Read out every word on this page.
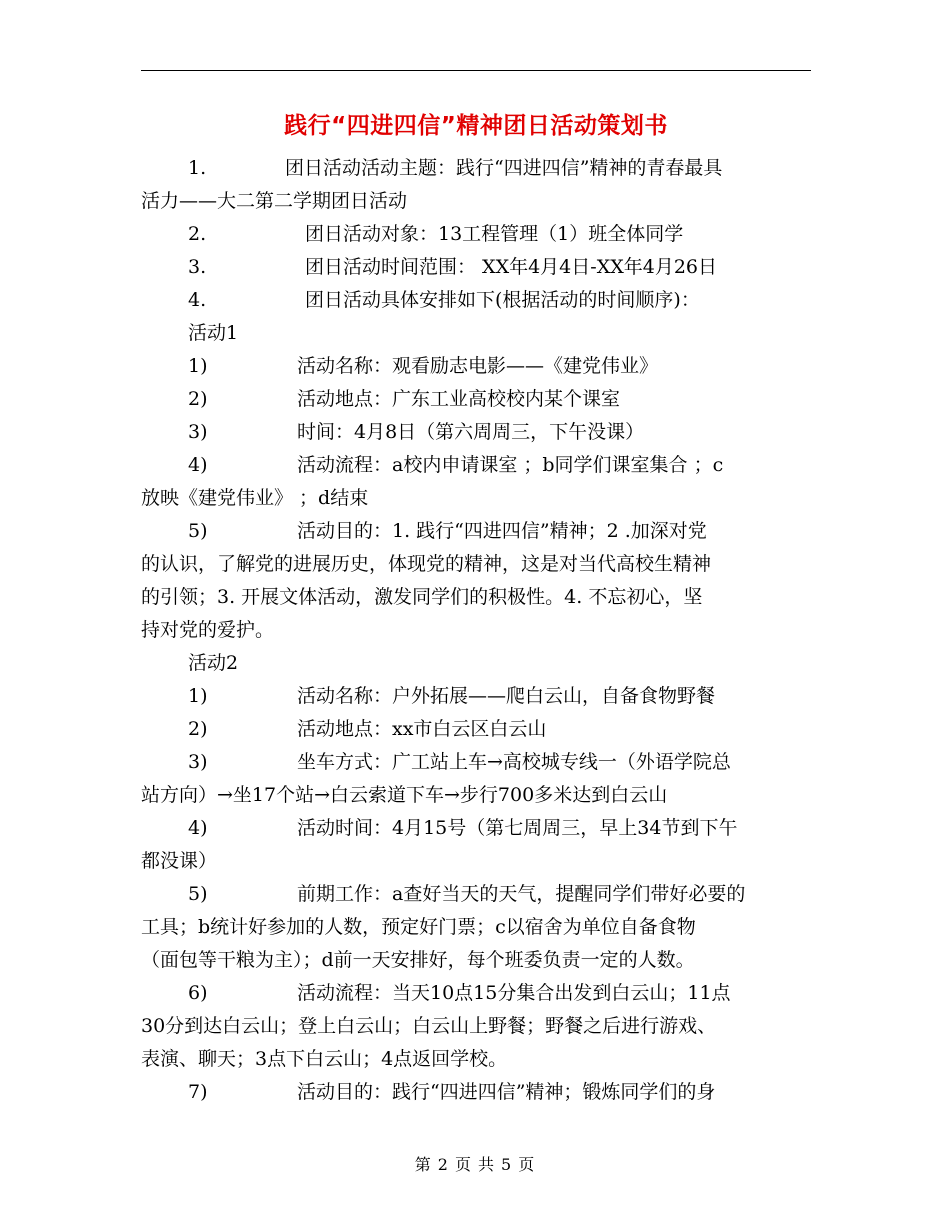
践行“四进四信”精神团日活动策划书
1.	团日活动活动主题：践行“四进四信”精神的青春最具
活力——大二第二学期团日活动
2.	团日活动对象：13工程管理（1）班全体同学
3.	团日活动时间范围： XX年4月4日-XX年4月26日
4.	团日活动具体安排如下(根据活动的时间顺序)：
活动1
1)	活动名称：观看励志电影——《建党伟业》
2)	活动地点：广东工业高校校内某个课室
3)	时间：4月8日（第六周周三，下午没课）
4)	活动流程：a校内申请课室 ；b同学们课室集合 ；c
放映《建党伟业》 ；d结束
5)	活动目的：1. 践行“四进四信”精神；2 .加深对党
的认识，了解党的进展历史，体现党的精神，这是对当代高校生精神
的引领；3. 开展文体活动，激发同学们的积极性。4. 不忘初心，坚
持对党的爱护。
活动2
1)	活动名称：户外拓展——爬白云山，自备食物野餐
2)	活动地点：xx市白云区白云山
3)	坐车方式：广工站上车→高校城专线一（外语学院总
站方向）→坐17个站→白云索道下车→步行700多米达到白云山
4)	活动时间：4月15号（第七周周三，早上34节到下午
都没课）
5)	前期工作：a查好当天的天气，提醒同学们带好必要的
工具；b统计好参加的人数，预定好门票；c以宿舍为单位自备食物
（面包等干粮为主）；d前一天安排好，每个班委负责一定的人数。
6)	活动流程：当天10点15分集合出发到白云山；11点
30分到达白云山；登上白云山；白云山上野餐；野餐之后进行游戏、
表演、聊天；3点下白云山；4点返回学校。
7)	活动目的：践行“四进四信”精神；锻炼同学们的身
第 2 页 共 5 页
